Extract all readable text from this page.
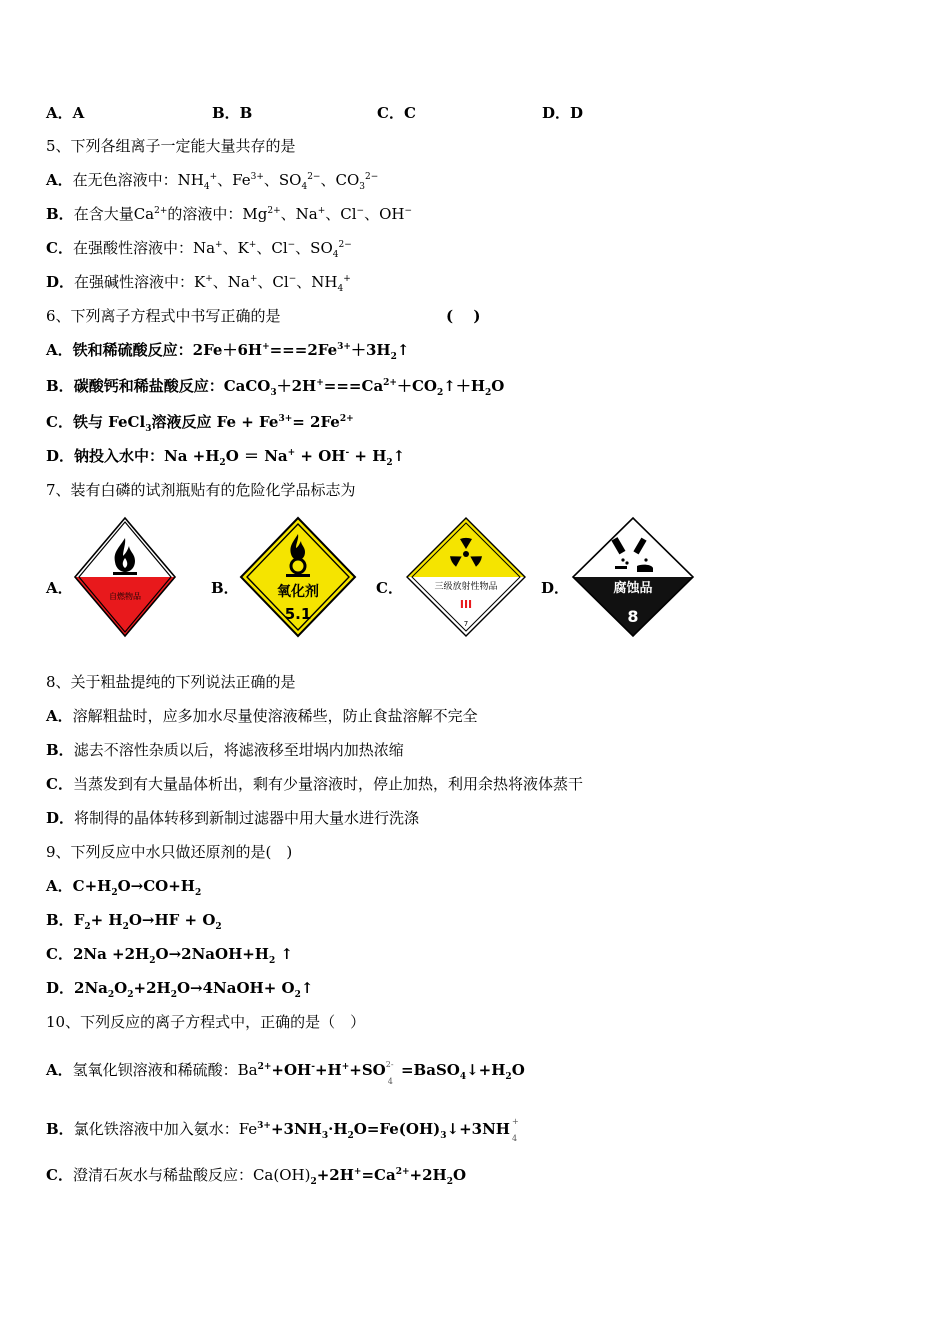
A．A	B．B	C．C	D．D
5、下列各组离子一定能大量共存的是
A．在无色溶液中：$NH_4^+$、$Fe^{3+}$、$SO_4^{2-}$、$CO_3^{2-}$
B．在含大量$Ca^{2+}$的溶液中：$Mg^{2+}$、Na+、Cl−、OH−
C．在强酸性溶液中：Na+、K+、Cl−、$SO_4^{2-}$
D．在强碱性溶液中：K+、Na+、Cl−、$NH_4^+$
6、下列离子方程式中书写正确的是	(　 )
A．铁和稀硫酸反应：$2Fe+6H^+===2Fe^{3+}+3H_2↑$
B．碳酸钙和稀盐酸反应：$CaCO_3+2H^+===Ca^{2+}+CO_2↑+H_2O$
C．铁与 FeCl$_3$溶液反应 $Fe + Fe^{3+}= 2Fe^{2+}$
D．钠投入水中：$Na +H_2O = Na^+ + OH^-$ + $H_2↑$
7、装有白磷的试剂瓶贴有的危险化学品标志为
A．	自燃物品	B．	氧化剂
5.1
C．	三级放射性物品
III
7
D．	腐蚀品
8
8、关于粗盐提纯的下列说法正确的是
A．溶解粗盐时，应多加水尽量使溶液稀些，防止食盐溶解不完全
B．滤去不溶性杂质以后，将滤液移至坩埚内加热浓缩
C．当蒸发到有大量晶体析出，剩有少量溶液时，停止加热，利用余热将液体蒸干
D．将制得的晶体转移到新制过滤器中用大量水进行洗涤
9、下列反应中水只做还原剂的是(　)
A．$C+H_2O\to CO+H_2$
B．$F_2+ H_2O\to HF + O_2$
C．$2Na +2H_2O\to 2NaOH+H_2$ ↑
D．$2Na_2O_2+2H_2O\to 4NaOH+$ $O_2↑$
10、下列反应的离子方程式中，正确的是（　）
A．氢氧化钡溶液和稀硫酸：$Ba^{2+}+OH^-+H^++SO$ 2-
4
$=BaSO_4↓+H_2O$
B．氯化铁溶液中加入氨水：$Fe^{3+}+3NH_3\cdot H_2O=Fe(OH)_3↓+3NH$ +
4
C．澄清石灰水与稀盐酸反应：$Ca(OH)_2+2H^+=Ca^{2+}+2H_2O$
